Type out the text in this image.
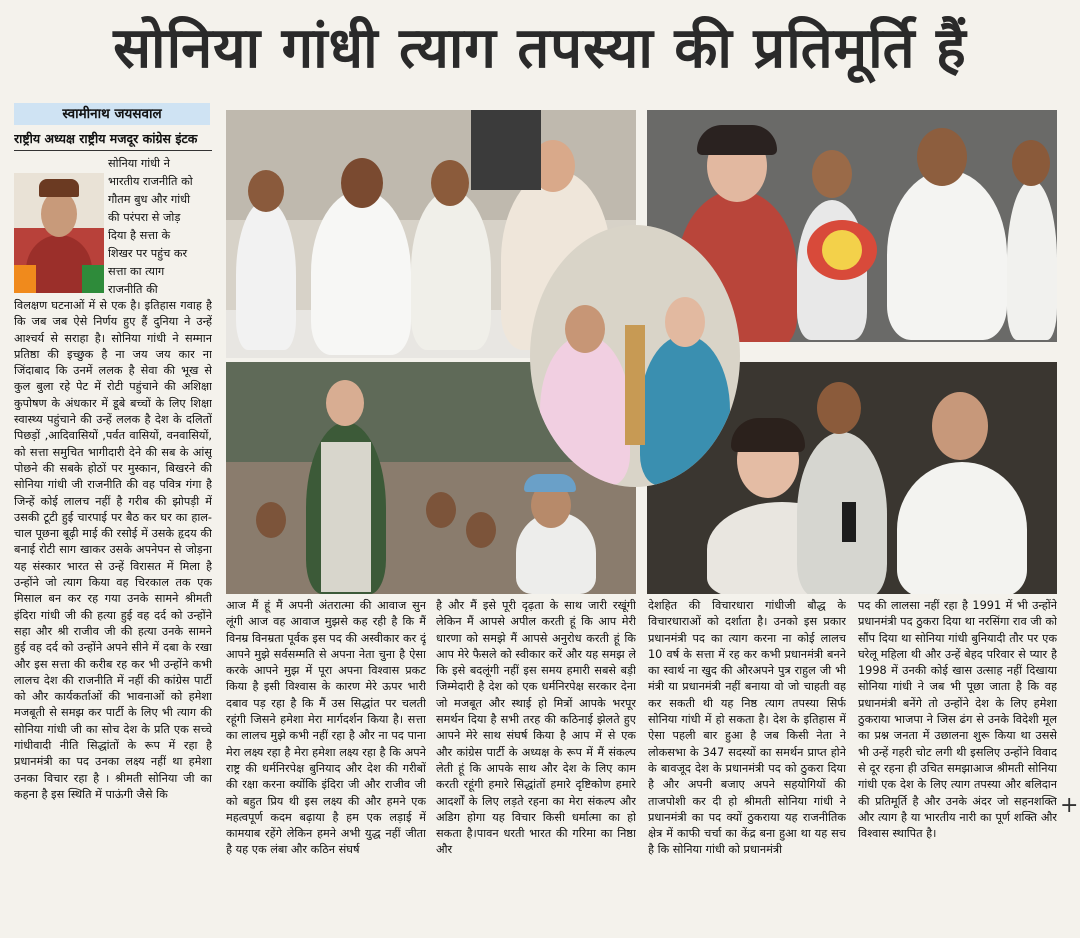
सोनिया गांधी त्याग तपस्या की प्रतिमूर्ति हैं
स्वामीनाथ जयसवाल
राष्ट्रीय अध्यक्ष राष्ट्रीय मजदूर कांग्रेस इंटक

सोनिया गांधी ने

भारतीय राजनीति को

गौतम बुध और गांधी

की परंपरा से जोड़

दिया है सत्ता के

शिखर पर पहुंच कर

सत्ता का त्याग

राजनीति की

विलक्षण घटनाओं में से एक है। इतिहास गवाह है कि जब जब ऐसे निर्णय हुए हैं दुनिया ने उन्हें आश्चर्य से सराहा है। सोनिया गांधी ने सम्मान प्रतिष्ठा की इच्छुक है ना जय जय कार ना जिंदाबाद कि उनमें ललक है सेवा की भूख से कुल बुला रहे पेट में रोटी पहुंचाने की अशिक्षा कुपोषण के अंधकार में डूबे बच्चों के लिए शिक्षा स्वास्थ्य पहुंचाने की उन्हें ललक है देश के दलितों पिछड़ों ,आदिवासियों ,पर्वत वासियों, वनवासियों, को सत्ता समुचित भागीदारी देने की सब के आंसू पोछने की सबके होठों पर मुस्कान, बिखरने की सोनिया गांधी जी राजनीति की वह पवित्र गंगा है जिन्हें कोई लालच नहीं है गरीब की झोपड़ी में उसकी टूटी हुई चारपाई पर बैठ कर घर का हाल-चाल पूछना बूढ़ी माई की रसोई में उसके हृदय की बनाई रोटी साग खाकर उसके अपनेपन से जोड़ना यह संस्कार भारत से उन्हें विरासत में मिला है उन्होंने जो त्याग किया वह चिरकाल तक एक मिसाल बन कर रह गया उनके सामने श्रीमती इंदिरा गांधी जी की हत्या हुई वह दर्द को उन्होंने सहा और श्री राजीव जी की हत्या उनके सामने हुई वह दर्द को उन्होंने अपने सीने में दबा के रखा और इस सत्ता की करीब रह कर भी उन्होंने कभी लालच देश की राजनीति में नहीं की कांग्रेस पार्टी को और कार्यकर्ताओं की भावनाओं को हमेशा मजबूती से समझ कर पार्टी के लिए भी त्याग की सोनिया गांधी जी का सोच देश के प्रति एक सच्चे गांधीवादी नीति सिद्धांतों के रूप में रहा है प्रधानमंत्री का पद उनका लक्ष्य नहीं था हमेशा उनका विचार रहा है । श्रीमती सोनिया जी का कहना है इस स्थिति में पाऊंगी जैसे कि
आज मैं हूं मैं अपनी अंतरात्मा की आवाज सुन लूंगी आज वह आवाज मुझसे कह रही है कि मैं विनम्र विनम्रता पूर्वक इस पद की अस्वीकार कर दूं आपने मुझे सर्वसम्मति से अपना नेता चुना है ऐसा करके आपने मुझ में पूरा अपना विश्वास प्रकट किया है इसी विश्वास के कारण मेरे ऊपर भारी दबाव पड़ रहा है कि मैं उस सिद्धांत पर चलती रहूंगी जिसने हमेशा मेरा मार्गदर्शन किया है। सत्ता का लालच मुझे कभी नहीं रहा है और ना पद पाना मेरा लक्ष्य रहा है मेरा हमेशा लक्ष्य रहा है कि अपने राष्ट्र की धर्मनिरपेक्ष बुनियाद और देश की गरीबों की रक्षा करना क्योंकि इंदिरा जी और राजीव जी को बहुत प्रिय थी इस लक्ष्य की और हमने एक महत्वपूर्ण कदम बढ़ाया है हम एक लड़ाई में कामयाब रहेंगे लेकिन हमने अभी युद्ध नहीं जीता है यह एक लंबा और कठिन संघर्ष
है और मैं इसे पूरी दृढ़ता के साथ जारी रखूंगी लेकिन मैं आपसे अपील करती हूं कि आप मेरी धारणा को समझे मैं आपसे अनुरोध करती हूं कि आप मेरे फैसले को स्वीकार करें और यह समझ ले कि इसे बदलूंगी नहीं इस समय हमारी सबसे बड़ी जिम्मेदारी है देश को एक धर्मनिरपेक्ष सरकार देना जो मजबूत और स्थाई हो मित्रों आपके भरपूर समर्थन दिया है सभी तरह की कठिनाई झेलते हुए आपने मेरे साथ संघर्ष किया है आप में से एक और कांग्रेस पार्टी के अध्यक्ष के रूप में मैं संकल्प लेती हूं कि आपके साथ और देश के लिए काम करती रहूंगी हमारे सिद्धांतों हमारे दृष्टिकोण हमारे आदर्शों के लिए लड़ते रहना का मेरा संकल्प और अडिग होगा यह विचार किसी धर्मात्मा का हो सकता है।पावन धरती भारत की गरिमा का निष्ठा और
देशहित की विचारधारा गांधीजी बौद्ध के विचारधाराओं को दर्शाता है। उनको इस प्रकार प्रधानमंत्री पद का त्याग करना ना कोई लालच 10 वर्ष के सत्ता में रह कर कभी प्रधानमंत्री बनने का स्वार्थ ना खुद की औरअपने पुत्र राहुल जी भी मंत्री या प्रधानमंत्री नहीं बनाया वो जो चाहती वह कर सकती थी यह निष्ठ त्याग तपस्या सिर्फ सोनिया गांधी में हो सकता है। देश के इतिहास में ऐसा पहली बार हुआ है जब किसी नेता ने लोकसभा के 347 सदस्यों का समर्थन प्राप्त होने के बावजूद देश के प्रधानमंत्री पद को ठुकरा दिया है और अपनी बजाए अपने सहयोगियों की ताजपोशी कर दी हो श्रीमती सोनिया गांधी ने प्रधानमंत्री का पद क्यों ठुकराया यह राजनीतिक क्षेत्र में काफी चर्चा का केंद्र बना हुआ था यह सच है कि सोनिया गांधी को प्रधानमंत्री
पद की लालसा नहीं रहा है 1991 में भी उन्होंने प्रधानमंत्री पद ठुकरा दिया था नरसिंगा राव जी को सौंप दिया था सोनिया गांधी बुनियादी तौर पर एक घरेलू महिला थी और उन्हें बेहद परिवार से प्यार है 1998 में उनकी कोई खास उत्साह नहीं दिखाया सोनिया गांधी ने जब भी पूछा जाता है कि वह प्रधानमंत्री बनेंगे तो उन्होंने देश के लिए हमेशा ठुकराया भाजपा ने जिस ढंग से उनके विदेशी मूल का प्रश्न जनता में उछालना शुरू किया था उससे भी उन्हें गहरी चोट लगी थी इसलिए उन्होंने विवाद से दूर रहना ही उचित समझाआज श्रीमती सोनिया गांधी एक देश के लिए त्याग तपस्या और बलिदान की प्रतिमूर्ति है और उनके अंदर जो सहनशक्ति और त्याग है या भारतीय नारी का पूर्ण शक्ति और विश्वास स्थापित है।
+
